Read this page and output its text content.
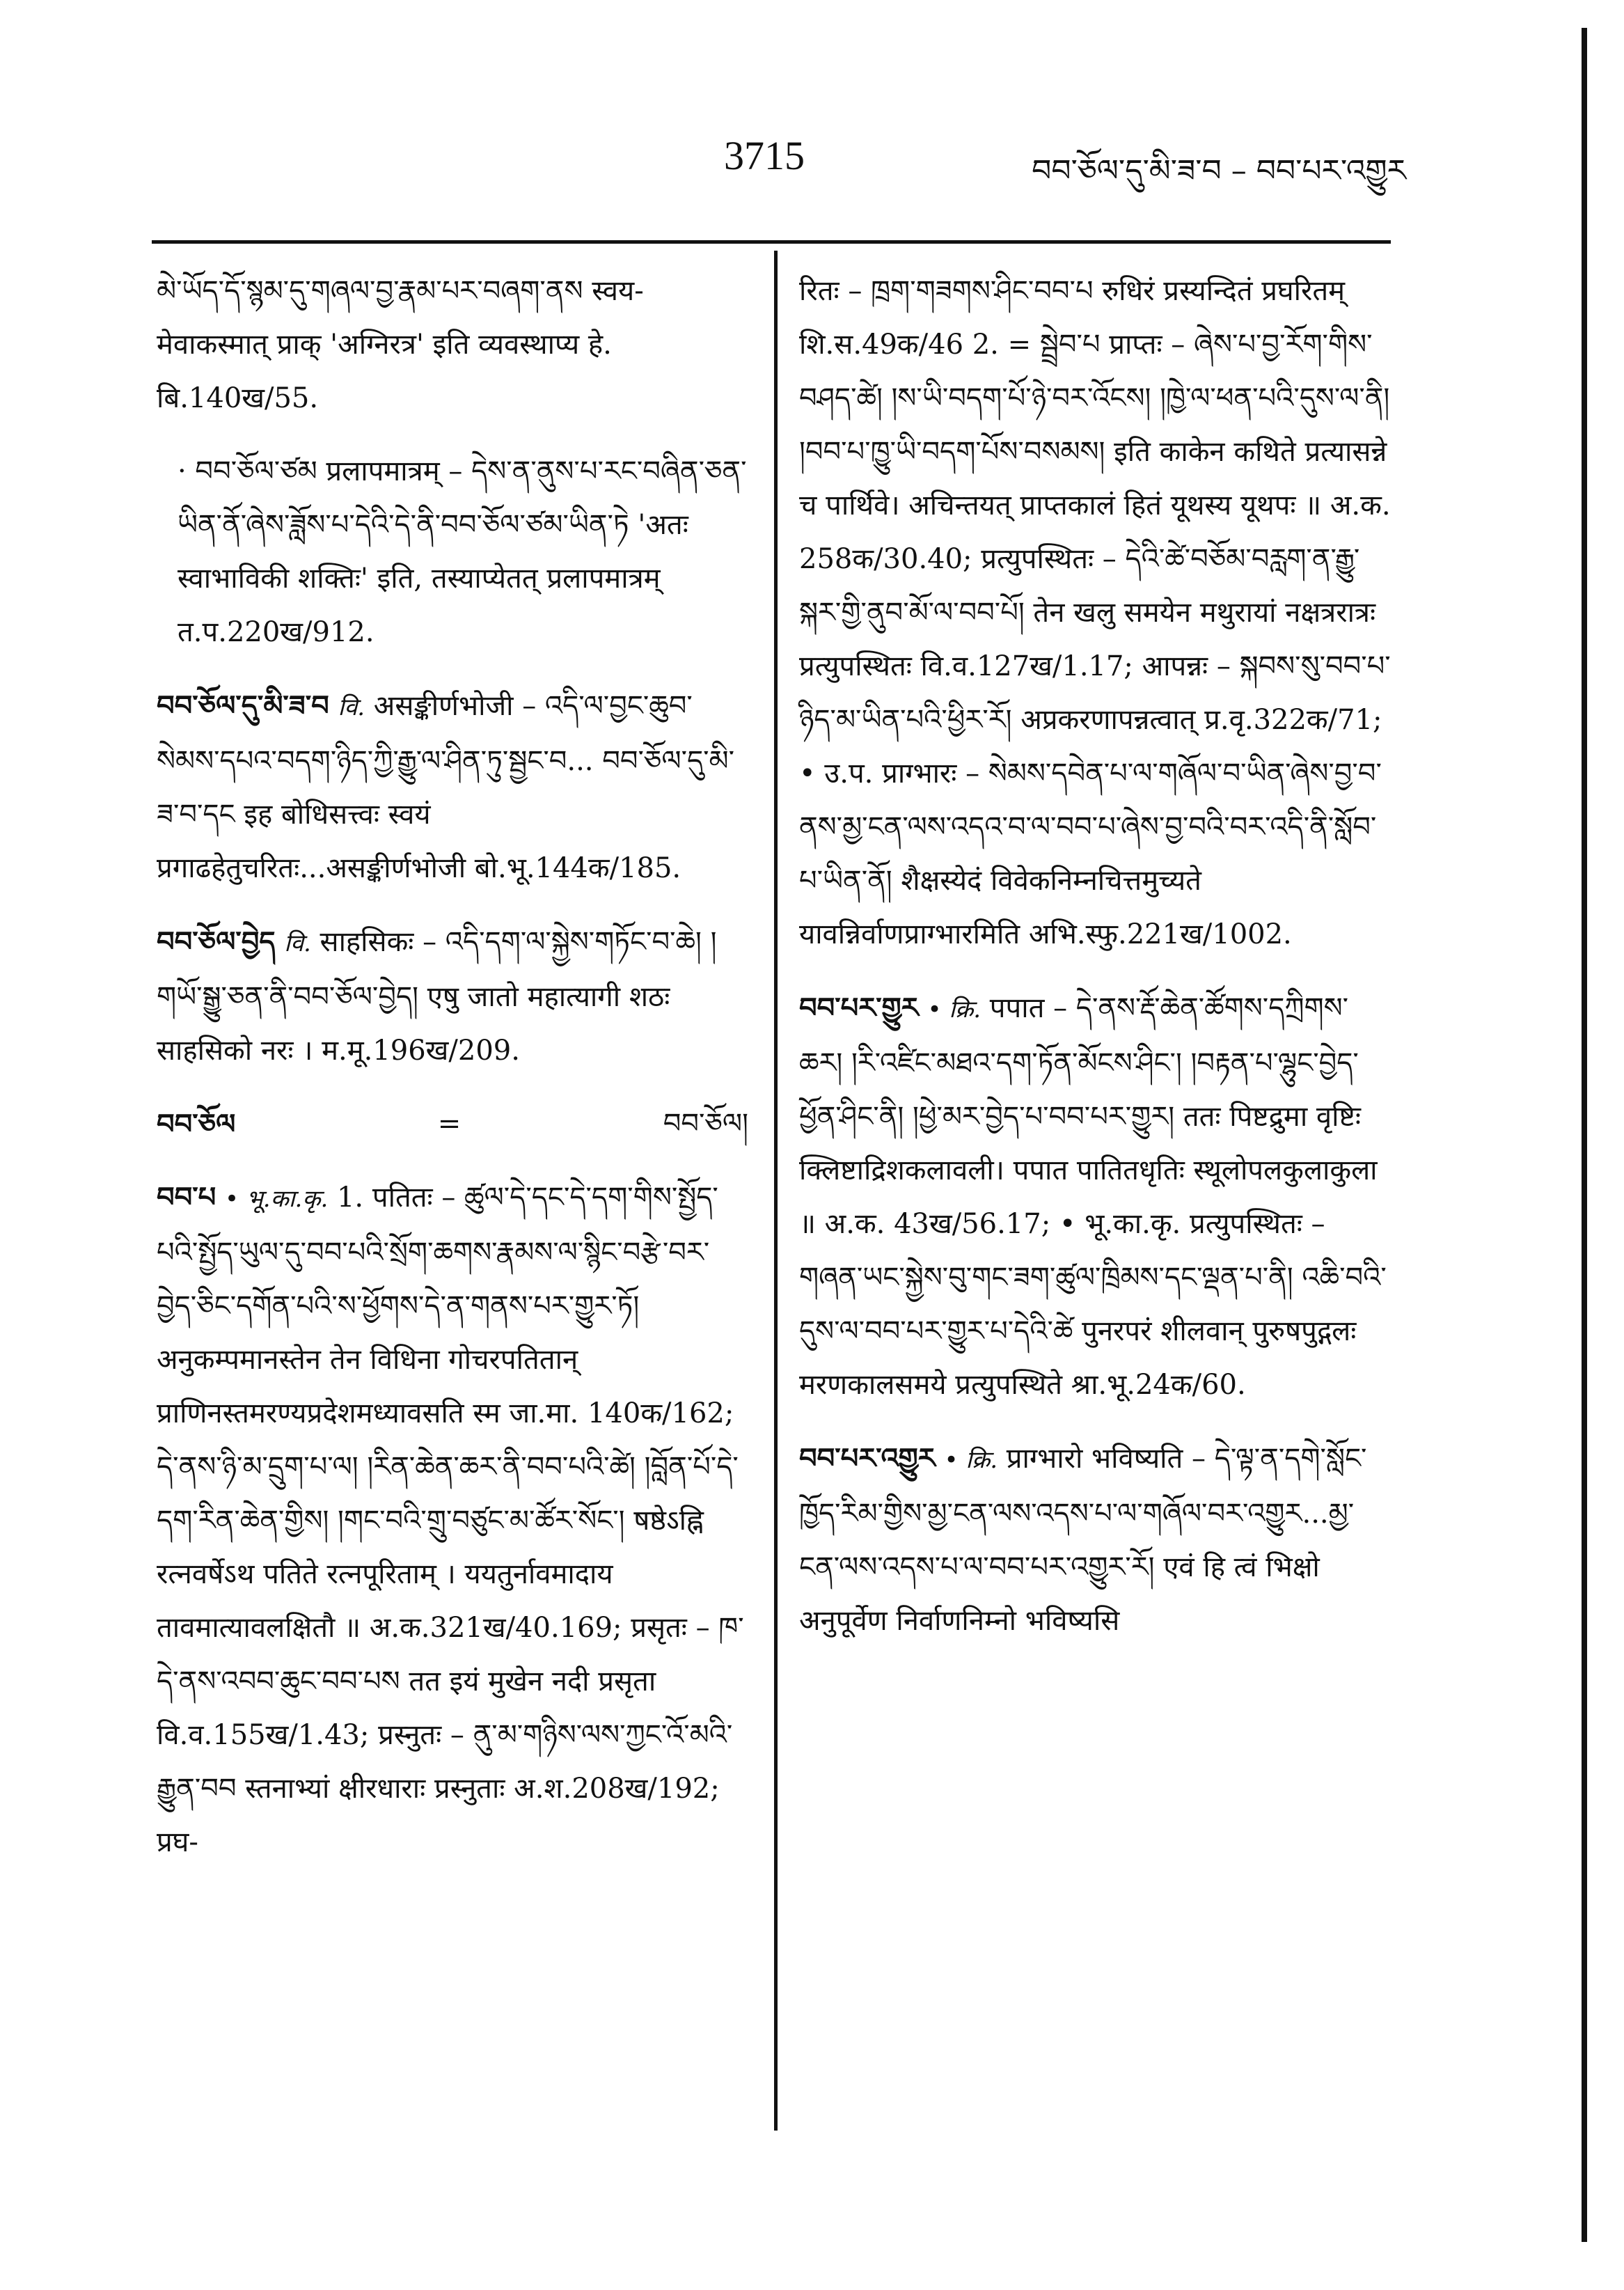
3715	བབ་ཅོལ་དུ་མི་ཟ་བ – བབ་པར་འགྱུར
མེ་ཡོད་དོ་སྙམ་དུ་གཞལ་བྱ་རྣམ་པར་བཞག་ནས स्वय-मेवाकस्मात् प्राक् 'अग्निरत्र' इति व्यवस्थाप्य हे. बि.140ख/55.
· བབ་ཅོལ་ཙམ प्रलापमात्रम् – དེས་ན་ནུས་པ་རང་བཞིན་ཅན་ཡིན་ནོ་ཞེས་ཟློས་པ་དེའི་དེ་ནི་བབ་ཅོལ་ཙམ་ཡིན་ཏེ 'अतः स्वाभाविकी शक्तिः' इति, तस्याप्येतत् प्रलापमात्रम् त.प.220ख/912.
བབ་ཅོལ་དུ་མི་ཟ་བ वि. असङ्कीर्णभोजी – འདི་ལ་བྱང་ཆུབ་སེམས་དཔའ་བདག་ཉིད་ཀྱི་རྒྱུ་ལ་ཤིན་ཏུ་སྦྱང་བ... བབ་ཅོལ་དུ་མི་ཟ་བ་དང इह बोधिसत्त्वः स्वयं प्रगाढहेतुचरितः...असङ्कीर्णभोजी बो.भू.144क/185.
བབ་ཅོལ་བྱེད वि. साहसिकः – འདི་དག་ལ་སྐྱེས་གཏོང་བ་ཆེ། །གཡོ་སྒྱུ་ཅན་ནི་བབ་ཅོལ་བྱེད། एषु जातो महात्यागी शठः साहसिको नरः । म.मू.196ख/209.
བབ་ཅོལ	=	བབ་ཅོལ།
བབ་པ • भू.का.कृ. 1. पतितः – ཚུལ་དེ་དང་དེ་དག་གིས་སྤྱོད་པའི་སྤྱོད་ཡུལ་དུ་བབ་པའི་སྲོག་ཆགས་རྣམས་ལ་སྙིང་བརྩེ་བར་བྱེད་ཅིང་དགོན་པའི་ས་ཕྱོགས་དེ་ན་གནས་པར་གྱུར་ཏོ། अनुकम्पमानस्तेन तेन विधिना गोचरपतितान् प्राणिनस्तमरण्यप्रदेशमध्यावसति स्म जा.मा. 140क/162; དེ་ནས་ཉི་མ་དྲུག་པ་ལ། །རིན་ཆེན་ཆར་ནི་བབ་པའི་ཚེ། །བློན་པོ་དེ་དག་རིན་ཆེན་གྱིས། །གང་བའི་གྲུ་བཙུང་མ་ཚོར་སོང་། षष्ठेऽह्नि रत्नवर्षेऽथ पतिते रत्नपूरिताम् । ययतुर्नावमादाय तावमात्यावलक्षितौ ॥ अ.क.321ख/40.169; प्रसृतः – ཁ་དེ་ནས་འབབ་ཆུང་བབ་པས तत इयं मुखेन नदी प्रसृता वि.व.155ख/1.43; प्रस्नुतः – ནུ་མ་གཉིས་ལས་ཀྱང་འོ་མའི་རྒྱུན་བབ स्तनाभ्यां क्षीरधाराः प्रस्नुताः अ.श.208ख/192; प्रघ-
रितः – ཁྲག་གཟགས་ཤིང་བབ་པ रुधिरं प्रस्यन्दितं प्रघरितम् शि.स.49क/46 2. = སྦྲེབ་པ प्राप्तः – ཞེས་པ་བྱ་རོག་གིས་བཤད་ཚེ། །ས་ཡི་བདག་པོ་ཉེ་བར་འོངས། །ཁྱེ་ལ་ཕན་པའི་དུས་ལ་ནི། །བབ་པ་ཁྱུ་ཡི་བདག་པོས་བསམས། इति काकेन कथिते प्रत्यासन्ने च पार्थिवे। अचिन्तयत् प्राप्तकालं हितं यूथस्य यूथपः ॥ अ.क. 258क/30.40; प्रत्युपस्थितः – དེའི་ཚེ་བཅོམ་བརླག་ན་རྒྱུ་སྐར་གྱི་ནུབ་མོ་ལ་བབ་པོ། तेन खलु समयेन मथुरायां नक्षत्ररात्रः प्रत्युपस्थितः वि.व.127ख/1.17; आपन्नः – སྐབས་སུ་བབ་པ་ཉིད་མ་ཡིན་པའི་ཕྱིར་རོ། अप्रकरणापन्नत्वात् प्र.वृ.322क/71; • उ.प. प्राग्भारः – སེམས་དབེན་པ་ལ་གཞོལ་བ་ཡིན་ཞེས་བྱ་བ་ནས་མྱ་ངན་ལས་འདའ་བ་ལ་བབ་པ་ཞེས་བྱ་བའི་བར་འདི་ནི་སློབ་པ་ཡིན་ནོ། शैक्षस्येदं विवेकनिम्नचित्तमुच्यते यावन्निर्वाणप्राग्भारमिति अभि.स्फु.221ख/1002.
བབ་པར་གྱུར • क्रि. पपात – དེ་ནས་རྡོ་ཆེན་ཚོགས་དཀྲིགས་ཆར། །རི་འཛིང་མཐའ་དག་ཏོན་མོངས་ཤིང་། །བརྟན་པ་ལྷུང་བྱེད་ཕྱོན་ཤིང་ནི། །ཕྱེ་མར་བྱེད་པ་བབ་པར་གྱུར། ततः पिष्टद्रुमा वृष्टिः क्लिष्टाद्रिशकलावली। पपात पातितधृतिः स्थूलोपलकुलाकुला ॥ अ.क. 43ख/56.17; • भू.का.कृ. प्रत्युपस्थितः – གཞན་ཡང་སྐྱེས་བུ་གང་ཟག་ཚུལ་ཁྲིམས་དང་ལྡན་པ་ནི། འཆི་བའི་དུས་ལ་བབ་པར་གྱུར་པ་དེའི་ཚེ पुनरपरं शीलवान् पुरुषपुद्गलः मरणकालसमये प्रत्युपस्थिते श्रा.भू.24क/60.
བབ་པར་འགྱུར • क्रि. प्राग्भारो भविष्यति – དེ་ལྟ་ན་དགེ་སློང་ཁྱོད་རིམ་གྱིས་མྱ་ངན་ལས་འདས་པ་ལ་གཞོལ་བར་འགྱུར...མྱ་ངན་ལས་འདས་པ་ལ་བབ་པར་འགྱུར་རོ། एवं हि त्वं भिक्षो अनुपूर्वेण निर्वाणनिम्नो भविष्यसि
